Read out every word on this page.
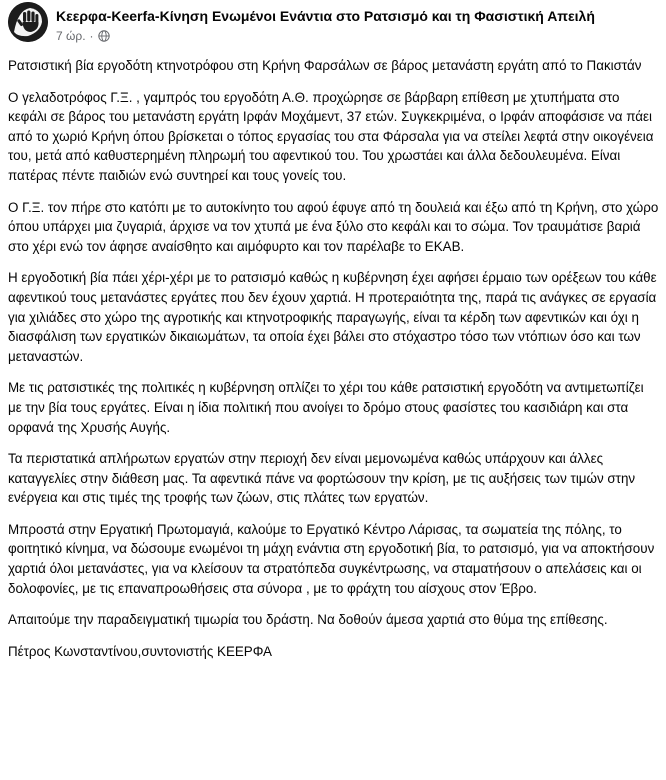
Κεερφα-Keerfa-Κίνηση Ενωμένοι Ενάντια στο Ρατσισμό και τη Φασιστική Απειλή
7 ώρ. ·

Ρατσιστική βία εργοδότη κτηνοτρόφου στη Κρήνη Φαρσάλων σε βάρος μετανάστη εργάτη από το Πακιστάν

Ο γελαδοτρόφος Γ.Ξ. , γαμπρός του εργοδότη Α.Θ. προχώρησε σε βάρβαρη επίθεση με χτυπήματα στο κεφάλι σε βάρος του μετανάστη εργάτη Ιρφάν Μοχάμεντ, 37 ετών. Συγκεκριμένα, ο Ιρφάν αποφάσισε να πάει από το χωριό Κρήνη όπου βρίσκεται ο τόπος εργασίας του στα Φάρσαλα για να στείλει λεφτά στην οικογένεια του, μετά από καθυστερημένη πληρωμή του αφεντικού του. Του χρωστάει και άλλα δεδουλευμένα. Είναι πατέρας πέντε παιδιών ενώ συντηρεί και τους γονείς του.

Ο Γ.Ξ. τον πήρε στο κατόπι με το αυτοκίνητο του αφού έφυγε από τη δουλειά και έξω από τη Κρήνη, στο χώρο όπου υπάρχει μια ζυγαριά, άρχισε να τον χτυπά με ένα ξύλο στο κεφάλι και το σώμα. Τον τραυμάτισε βαριά στο χέρι ενώ τον άφησε αναίσθητο και αιμόφυρτο και τον παρέλαβε το ΕΚΑΒ.

Η εργοδοτική βία πάει χέρι-χέρι με το ρατσισμό καθώς η κυβέρνηση έχει αφήσει έρμαιο των ορέξεων του κάθε αφεντικού τους μετανάστες εργάτες που δεν έχουν χαρτιά. Η προτεραιότητα της, παρά τις ανάγκες σε εργασία για χιλιάδες στο χώρο της αγροτικής και κτηνοτροφικής παραγωγής, είναι τα κέρδη των αφεντικών και όχι η διασφάλιση των εργατικών δικαιωμάτων, τα οποία έχει βάλει στο στόχαστρο τόσο των ντόπιων όσο και των μεταναστών.

Με τις ρατσιστικές της πολιτικές η κυβέρνηση οπλίζει το χέρι του κάθε ρατσιστική εργοδότη να αντιμετωπίζει με την βία τους εργάτες. Είναι η ίδια πολιτική που ανοίγει το δρόμο στους φασίστες του κασιδιάρη και στα ορφανά της Χρυσής Αυγής.

Τα περιστατικά απλήρωτων εργατών στην περιοχή δεν είναι μεμονωμένα καθώς υπάρχουν και άλλες καταγγελίες στην διάθεση μας. Τα αφεντικά πάνε να φορτώσουν την κρίση, με τις αυξήσεις των τιμών στην ενέργεια και στις τιμές της τροφής των ζώων, στις πλάτες των εργατών.

Μπροστά στην Εργατική Πρωτομαγιά, καλούμε το Εργατικό Κέντρο Λάρισας, τα σωματεία της πόλης, το φοιτητικό κίνημα, να δώσουμε ενωμένοι τη μάχη ενάντια στη εργοδοτική βία, το ρατσισμό, για να αποκτήσουν χαρτιά όλοι μετανάστες, για να κλείσουν τα στρατόπεδα συγκέντρωσης, να σταματήσουν ο απελάσεις και οι δολοφονίες, με τις επαναπροωθήσεις στα σύνορα , με το φράχτη του αίσχους στον Έβρο.

Απαιτούμε την παραδειγματική τιμωρία του δράστη. Να δοθούν άμεσα χαρτιά στο θύμα της επίθεσης.

Πέτρος Κωνσταντίνου,συντονιστής ΚΕΕΡΦΑ
